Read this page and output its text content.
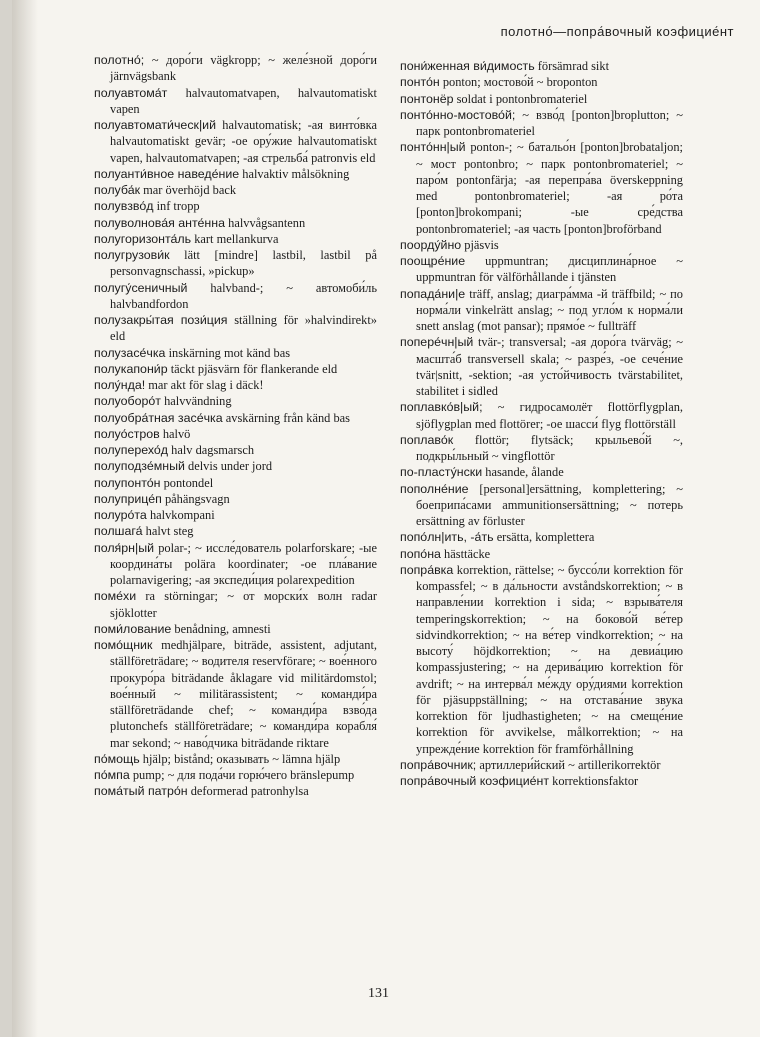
полотно́—попра́вочный коэфицие́нт

полотно́; ~ доро́ги vägkropp; ~ желе́зной доро́ги järnvägsbank

полуавтома́т halvautomatvapen, halvautomatiskt vapen

полуавтомати́ческ|ий halvautomatisk; -ая винто́вка halvautomatiskt gevär; -ое ору́жие halvautomatiskt vapen, halvautomatvapen; -ая стрельба́ patronvis eld

полуанти́вное наведе́ние halvaktiv målsökning

полуба́к mar överhöjd back

полувзво́д inf tropp

полуволнова́я анте́нна halvvågsantenn

полугоризонта́ль kart mellankurva

полугрузови́к lätt [mindre] lastbil, lastbil på personvagnschassi, »pickup»

полугу́сеничный halvband-; ~ автомоби́ль halvbandfordon

полузакры́тая пози́ция ställning för »halvindirekt» eld

полузасе́чка inskärning mot känd bas

полукапони́р täckt pjäsvärn för flankerande eld

полу́нда! mar akt för slag i däck!

полуоборо́т halvvändning

полуобра́тная засе́чка avskärning från känd bas

полуо́стров halvö

полуперехо́д halv dagsmarsch

полуподзе́мный delvis under jord

полупонто́н pontondel

полуприце́п påhängsvagn

полуро́та halvkompani

полшага́ halvt steg

поля́рн|ый polar-; ~ иссле́дователь polarforskare; -ые координа́ты polära koordinater; -ое пла́вание polarnavigering; -ая экспеди́ция polarexpedition

поме́хи ra störningar; ~ от морски́х волн radar sjöklotter

поми́лование benådning, amnesti

помо́щник medhjälpare, biträde, assistent, adjutant, ställföreträdare; ~ водителя reservförare; ~ вое́нного прокуро́ра biträdande åklagare vid militärdomstol; вое́нный ~ militärassistent; ~ команди́ра ställföreträdande chef; ~ команди́ра взво́да plutonchefs ställföreträdare; ~ команди́ра корабля́ mar sekond; ~ наво́дчика biträdande riktare

по́мощь hjälp; bistånd; оказывать ~ lämna hjälp

по́мпа pump; ~ для пода́чи горю́чего bränslepump

пома́тый патро́н deformerad patronhylsa

пони́женная ви́димость försämrad sikt

понто́н ponton; мостово́й ~ broponton

понтонёр soldat i pontonbromateriel

понто́нно-мостово́й; ~ взво́д [ponton]broplutton; ~ парк pontonbromateriel

понто́нн|ый ponton-; ~ батальо́н [ponton]brobataljon; ~ мост pontonbro; ~ парк pontonbromateriel; ~ паро́м pontonfärja; -ая перепра́ва överskeppning med pontonbromateriel; -ая ро́та [ponton]brokompani; -ые сре́дства pontonbromateriel; -ая часть [ponton]broförband

поорду́йно pjäsvis

поощре́ние uppmuntran; дисциплина́рное ~ uppmuntran för välförhållande i tjänsten

попада́ни|е träff, anslag; диагра́мма -й träffbild; ~ по норма́ли vinkelrätt anslag; ~ под угло́м к норма́ли snett anslag (mot pansar); прямо́е ~ fullträff

попере́чн|ый tvär-; transversal; -ая доро́га tvärväg; ~ масшта́б transversell skala; ~ разре́з, -ое сече́ние tvär|snitt, -sektion; -ая усто́йчивость tvärstabilitet, stabilitet i sidled

поплавко́в|ый; ~ гидросамолёт flottörflygplan, sjöflygplan med flottörer; -ое шасси́ flyg flottörställ

поплаво́к flottör; flytsäck; крыльево́й ~, подкры́льный ~ vingflottör

по-пласту́нски hasande, ålande

пополне́ние [personal]ersättning, komplettering; ~ боеприпа́сами ammunitionsersättning; ~ потерь ersättning av förluster

попо́лн|ить, -а́ть ersätta, komplettera

попо́на hästtäcke

попра́вка korrektion, rättelse; ~ буссо́ли korrektion för kompassfel; ~ в да́льности avståndskorrektion; ~ в направле́нии korrektion i sida; ~ взрыва́теля temperingskorrektion; ~ на боково́й ве́тер sidvindkorrektion; ~ на ве́тер vindkorrektion; ~ на высоту́ höjdkorrektion; ~ на девиа́цию kompassjustering; ~ на дерива́цию korrektion för avdrift; ~ на интерва́л ме́жду ору́диями korrektion för pjäsuppställning; ~ на отстава́ние звука korrektion för ljudhastigheten; ~ на смеще́ние korrektion för avvikelse, målkorrektion; ~ на упрежде́ние korrektion för framförhållning

попра́вочник; артиллери́йский ~ artillerikorrektör

попра́вочный коэфицие́нт korrektionsfaktor

131
